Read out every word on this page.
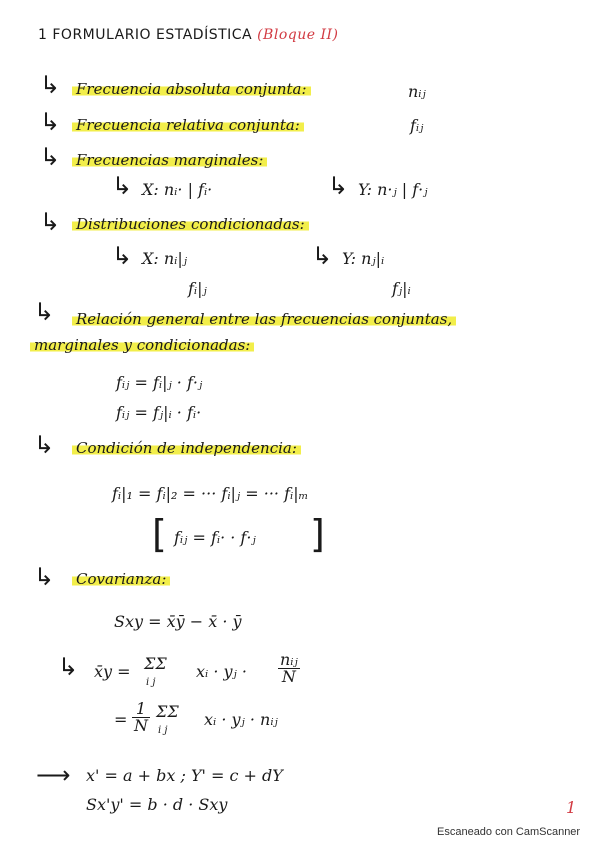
1 FORMULARIO ESTADÍSTICA (Bloque II)
↳ Frecuencia absoluta conjunta:	nᵢⱼ
↳ Frecuencia relativa conjunta:	fᵢⱼ
↳ Frecuencias marginales:
↳ X: nᵢ· | fᵢ·	↳ Y: n·ⱼ | f·ⱼ
↳ Distribuciones condicionadas:
↳ X: nᵢ|ⱼ
fᵢ|ⱼ
↳ Y: nⱼ|ᵢ
fⱼ|ᵢ
↳ Relación general entre las frecuencias conjuntas,
marginales y condicionadas:
fᵢⱼ = fᵢ|ⱼ · f·ⱼ
fᵢⱼ = fⱼ|ᵢ · fᵢ·
↳ Condición de independencia:
fᵢ|₁ = fᵢ|₂ = ··· fᵢ|ⱼ = ··· fᵢ|ₘ
[ fᵢⱼ = fᵢ· · f·ⱼ ]
↳ Covarianza:
Sxy = x̄ȳ − x̄ · ȳ
↳ x̄y = ΣΣ
i j
xᵢ · yⱼ · $\frac{\text{nᵢⱼ}}{N}$
= $\frac{1}{N}$ ΣΣ
i j
xᵢ · yⱼ · nᵢⱼ
⟶ x' = a + bx ; Y' = c + dY
Sx'y' = b · d · Sxy	1
Escaneado con CamScanner
